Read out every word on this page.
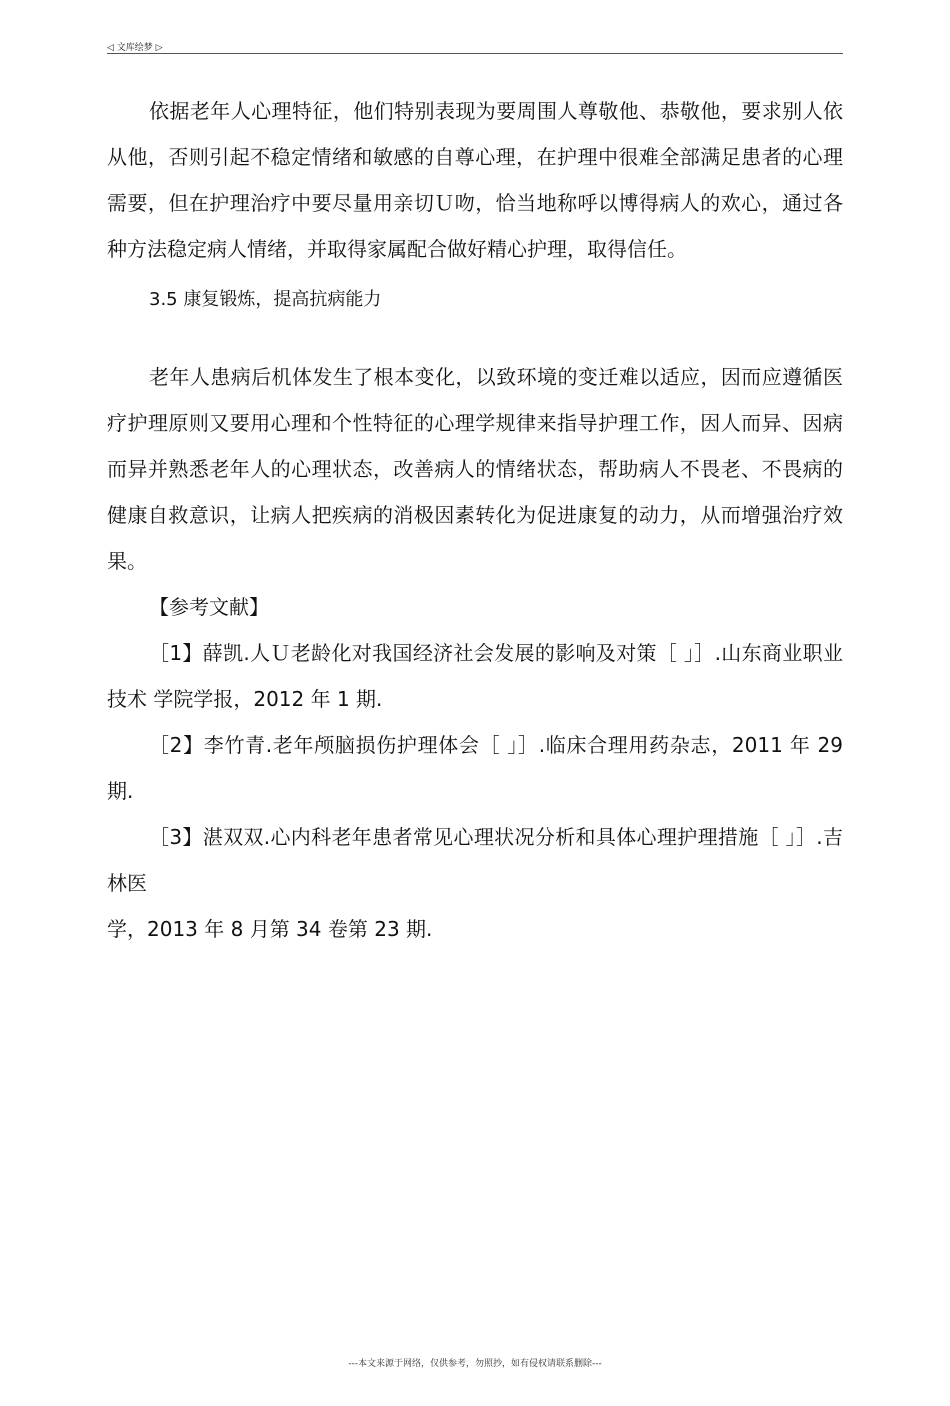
◁ 文库绘梦 ▷

依据老年人心理特征，他们特别表现为要周围人尊敬他、恭敬他，要求别人依从他，否则引起不稳定情绪和敏感的自尊心理，在护理中很难全部满足患者的心理需要，但在护理治疗中要尽量用亲切Ｕ吻，恰当地称呼以博得病人的欢心，通过各种方法稳定病人情绪，并取得家属配合做好精心护理，取得信任。

3.5 康复锻炼，提高抗病能力

老年人患病后机体发生了根本变化，以致环境的变迁难以适应，因而应遵循医疗护理原则又要用心理和个性特征的心理学规律来指导护理工作，因人而异、因病而异并熟悉老年人的心理状态，改善病人的情绪状态，帮助病人不畏老、不畏病的健康自救意识，让病人把疾病的消极因素转化为促进康复的动力，从而增强治疗效果。

【参考文献】

［1】薛凯.人Ｕ老龄化对我国经济社会发展的影响及对策［ 」］.山东商业职业技术 学院学报，2012 年 1 期.

［2】李竹青.老年颅脑损伤护理体会［ 」］.临床合理用药杂志，2011 年 29 期.

［3】湛双双.心内科老年患者常见心理状况分析和具体心理护理措施［ 」］.吉林医

学，2013 年 8 月第 34 卷第 23 期.

---本文来源于网络，仅供参考，勿照抄，如有侵权请联系删除---
